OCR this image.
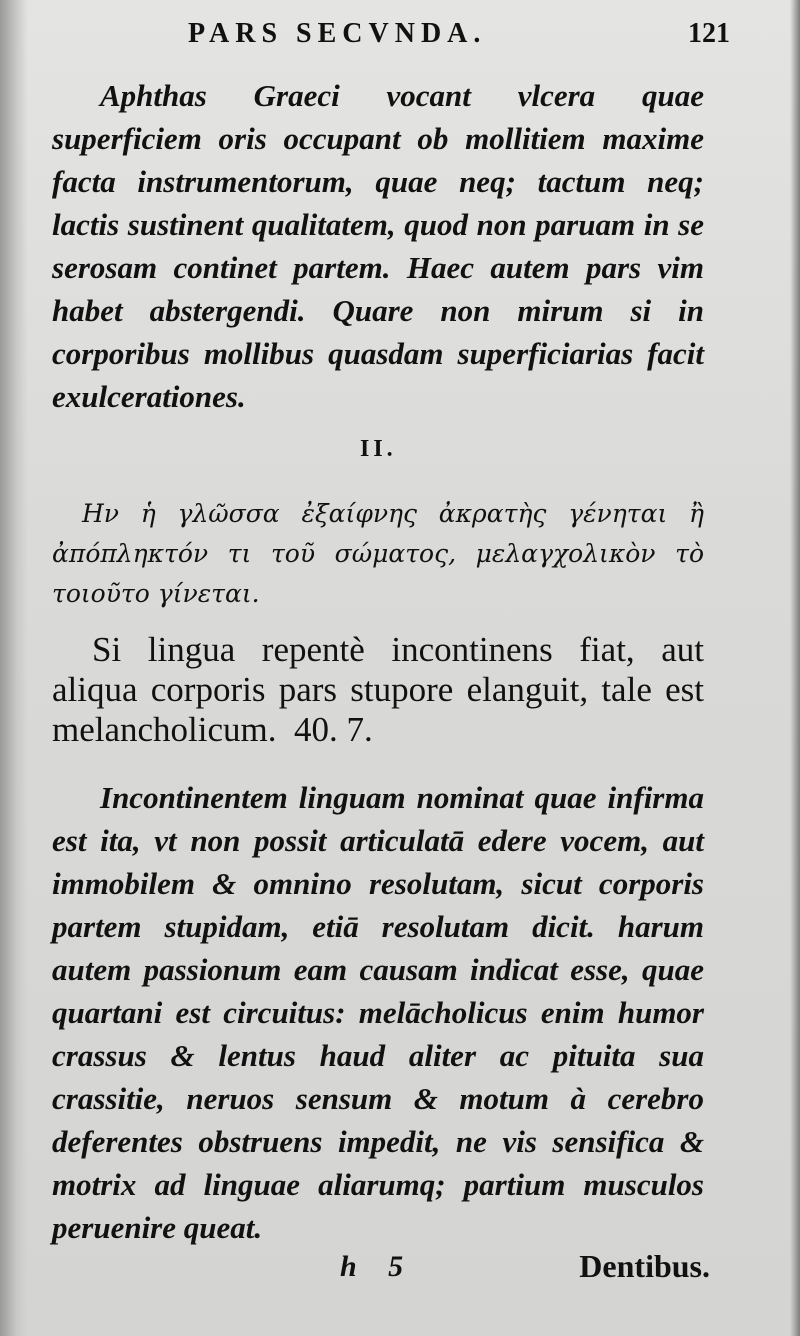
PARS SECVNDA.	121

Aphthas Graeci vocant vlcera quae superficiem oris occupant ob mollitiem maxime facta instrumentorum, quae neq; tactum neq; lactis sustinent qualitatem, quod non paruam in se serosam continet partem. Haec autem pars vim habet abstergendi. Quare non mirum si in corporibus mollibus quasdam superficiarias facit exulcerationes.

II.

Ην ἡ γλῶσσα ἐξαίφνης ἀκρατὴς γένηται ἢ ἀπόπληκτόν τι τοῦ σώματος, μελαγχολικὸν τὸ τοιοῦτο γίνεται.

Si lingua repentè incontinens fiat, aut aliqua corporis pars stupore elanguit, tale est melancholicum. 40. 7.

Incontinentem linguam nominat quae infirma est ita, vt non possit articulatā edere vocem, aut immobilem & omnino resolutam, sicut corporis partem stupidam, etiā resolutam dicit. harum autem passionum eam causam indicat esse, quae quartani est circuitus: melācholicus enim humor crassus & lentus haud aliter ac pituita sua crassitie, neruos sensum & motum à cerebro deferentes obstruens impedit, ne vis sensifica & motrix ad linguae aliarumq; partium musculos peruenire queat.

h 5	Dentibus.
